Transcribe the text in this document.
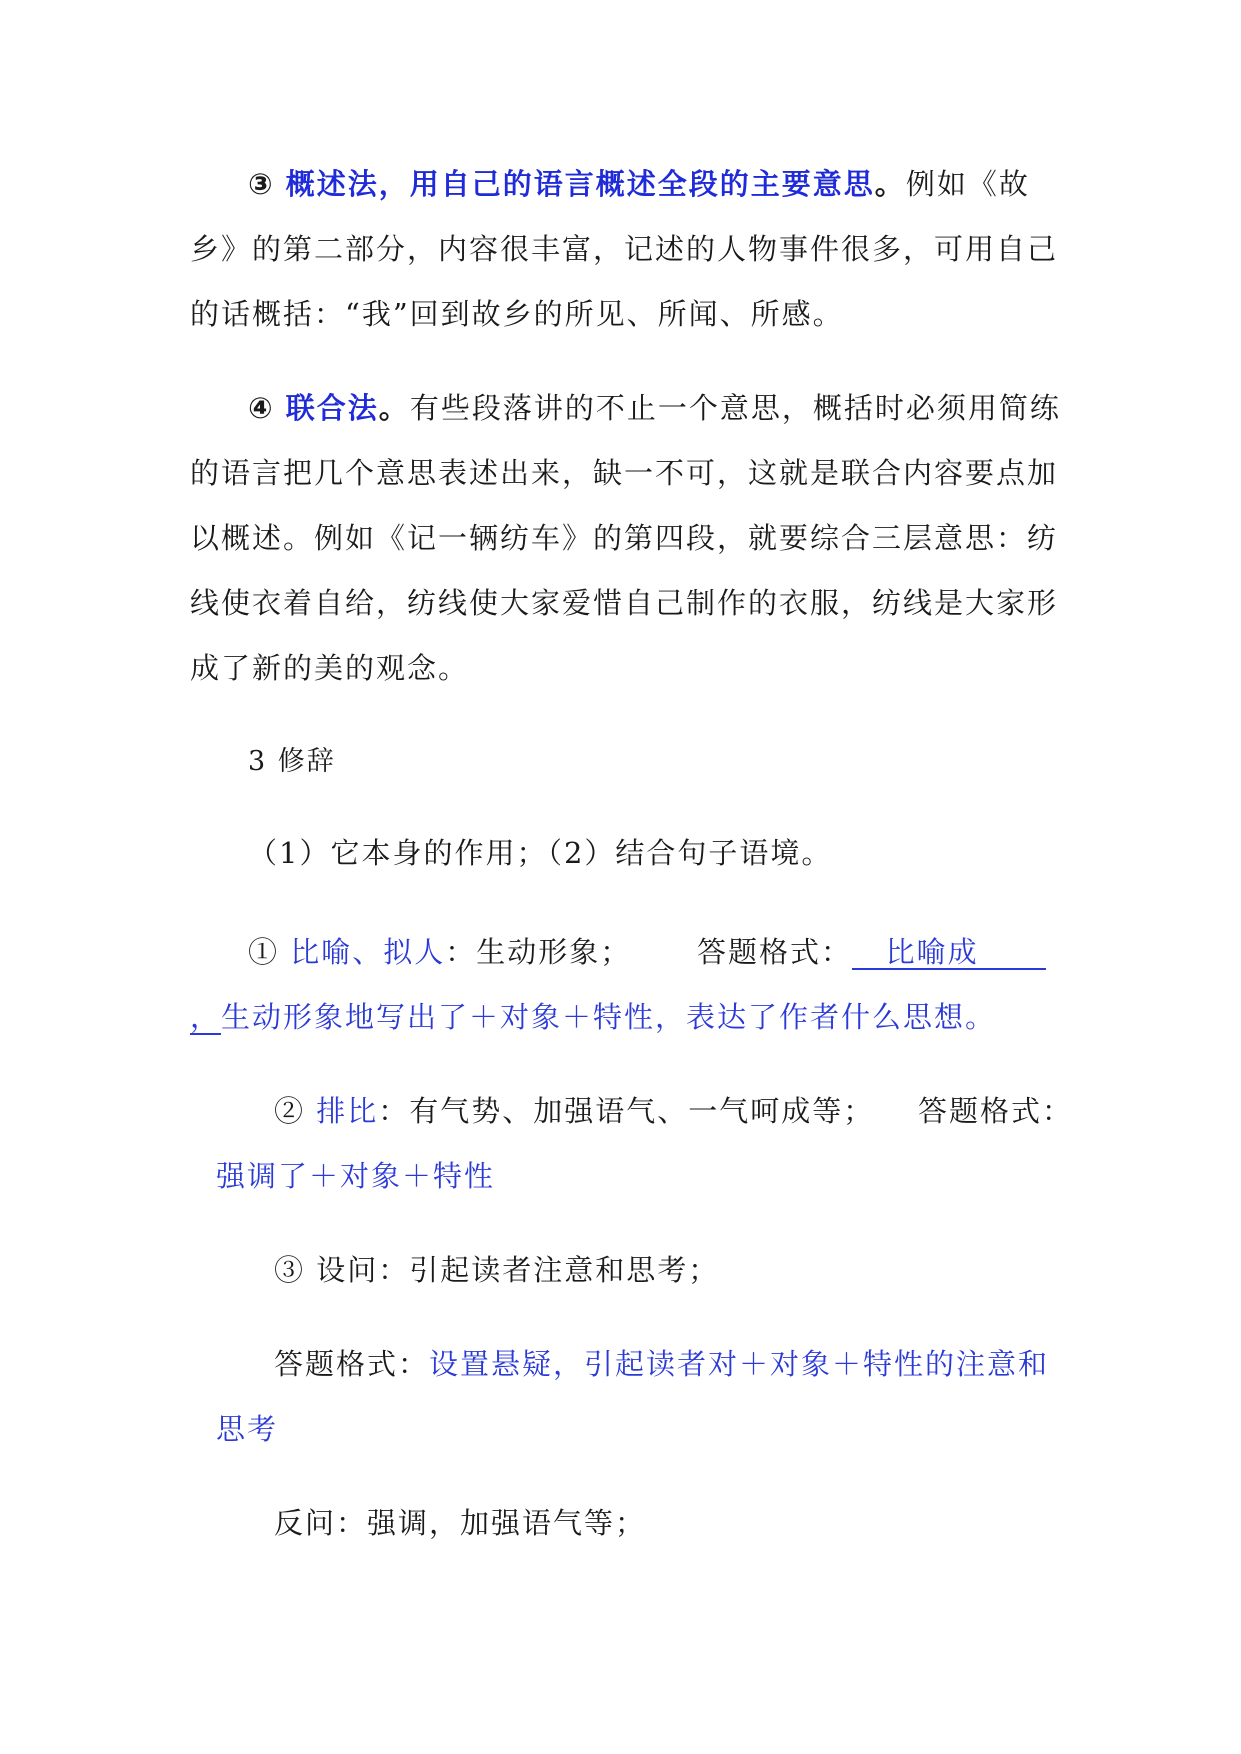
③ 概述法，用自己的语言概述全段的主要意思。例如《故
乡》的第二部分，内容很丰富，记述的人物事件很多，可用自己
的话概括：“我”回到故乡的所见、所闻、所感。
④ 联合法。有些段落讲的不止一个意思，概括时必须用简练
的语言把几个意思表述出来，缺一不可，这就是联合内容要点加
以概述。例如《记一辆纺车》的第四段，就要综合三层意思：纺
线使衣着自给，纺线使大家爱惜自己制作的衣服，纺线是大家形
成了新的美的观念。
3 修辞
（1）它本身的作用；（2）结合句子语境。
① 比喻、拟人：生动形象； 答题格式：   比喻成
，生动形象地写出了＋对象＋特性，表达了作者什么思想。
② 排比：有气势、加强语气、一气呵成等； 答题格式：
强调了＋对象＋特性
③ 设问：引起读者注意和思考；
答题格式：设置悬疑，引起读者对＋对象＋特性的注意和
思考
反问：强调，加强语气等；
